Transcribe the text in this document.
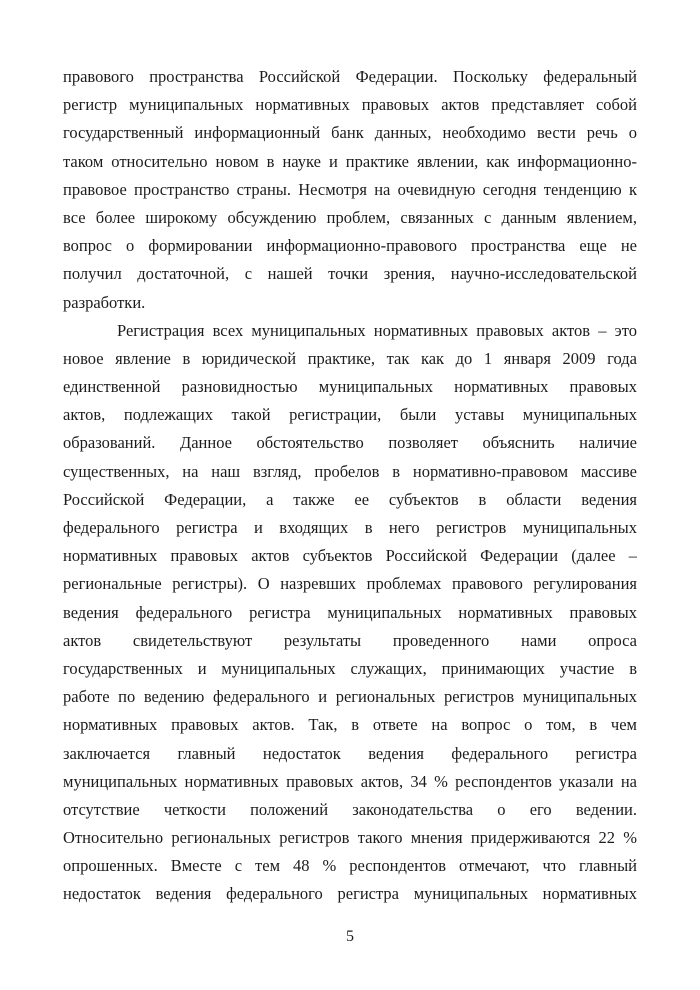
правового пространства Российской Федерации. Поскольку федеральный
регистр муниципальных нормативных правовых актов представляет собой
государственный информационный банк данных, необходимо вести речь о
таком относительно новом в науке и практике явлении, как информационно-
правовое пространство страны. Несмотря на очевидную сегодня тенденцию к
все более широкому обсуждению проблем, связанных с данным явлением,
вопрос о формировании информационно-правового пространства еще не
получил достаточной, с нашей точки зрения, научно-исследовательской
разработки.
Регистрация всех муниципальных нормативных правовых актов – это
новое явление в юридической практике, так как до 1 января 2009 года
единственной разновидностью муниципальных нормативных правовых
актов, подлежащих такой регистрации, были уставы муниципальных
образований. Данное обстоятельство позволяет объяснить наличие
существенных, на наш взгляд, пробелов в нормативно-правовом массиве
Российской Федерации, а также ее субъектов в области ведения
федерального регистра и входящих в него регистров муниципальных
нормативных правовых актов субъектов Российской Федерации (далее –
региональные регистры). О назревших проблемах правового регулирования
ведения федерального регистра муниципальных нормативных правовых
актов свидетельствуют результаты проведенного нами опроса
государственных и муниципальных служащих, принимающих участие в
работе по ведению федерального и региональных регистров муниципальных
нормативных правовых актов. Так, в ответе на вопрос о том, в чем
заключается главный недостаток ведения федерального регистра
муниципальных нормативных правовых актов, 34 % респондентов указали на
отсутствие четкости положений законодательства о его ведении.
Относительно региональных регистров такого мнения придерживаются 22 %
опрошенных. Вместе с тем 48 % респондентов отмечают, что главный
недостаток ведения федерального регистра муниципальных нормативных
5
